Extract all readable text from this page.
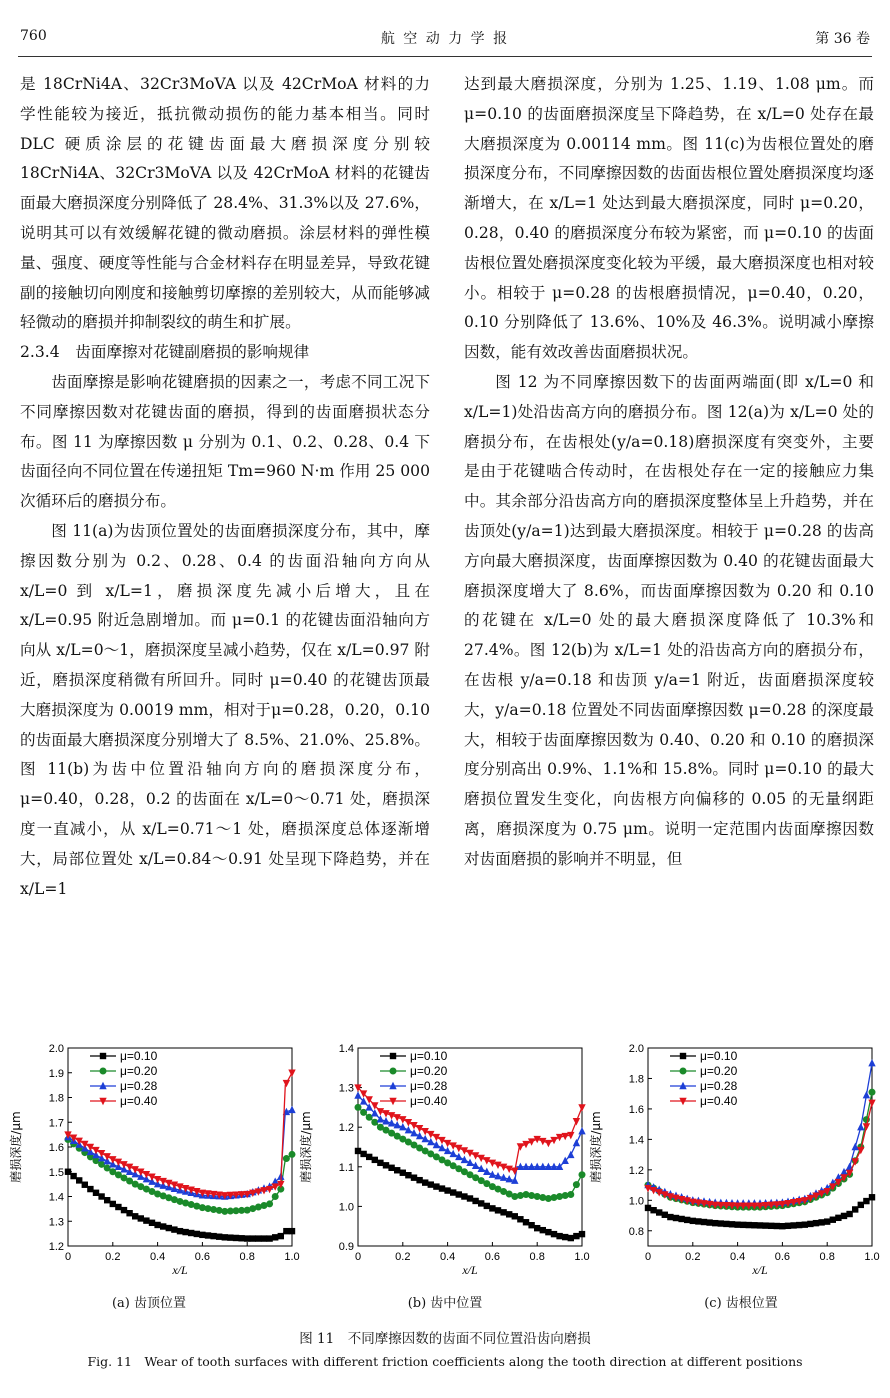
760	航 空 动 力 学 报	第 36 卷

是 18CrNi4A、32Cr3MoVA 以及 42CrMoA 材料的力学性能较为接近，抵抗微动损伤的能力基本相当。同时 DLC 硬质涂层的花键齿面最大磨损深度分别较 18CrNi4A、32Cr3MoVA 以及 42CrMoA 材料的花键齿面最大磨损深度分别降低了 28.4%、31.3%以及 27.6%，说明其可以有效缓解花键的微动磨损。涂层材料的弹性模量、强度、硬度等性能与合金材料存在明显差异，导致花键副的接触切向刚度和接触剪切摩擦的差别较大，从而能够减轻微动的磨损并抑制裂纹的萌生和扩展。

2.3.4　齿面摩擦对花键副磨损的影响规律

齿面摩擦是影响花键磨损的因素之一，考虑不同工况下不同摩擦因数对花键齿面的磨损，得到的齿面磨损状态分布。图 11 为摩擦因数 μ 分别为 0.1、0.2、0.28、0.4 下齿面径向不同位置在传递扭矩 Tm=960 N·m 作用 25 000 次循环后的磨损分布。

图 11(a)为齿顶位置处的齿面磨损深度分布，其中，摩擦因数分别为 0.2、0.28、0.4 的齿面沿轴向方向从 x/L=0 到 x/L=1，磨损深度先减小后增大，且在 x/L=0.95 附近急剧增加。而 μ=0.1 的花键齿面沿轴向方向从 x/L=0～1，磨损深度呈减小趋势，仅在 x/L=0.97 附近，磨损深度稍微有所回升。同时 μ=0.40 的花键齿顶最大磨损深度为 0.0019 mm，相对于μ=0.28，0.20，0.10 的齿面最大磨损深度分别增大了 8.5%、21.0%、25.8%。图 11(b)为齿中位置沿轴向方向的磨损深度分布，μ=0.40，0.28，0.2 的齿面在 x/L=0～0.71 处，磨损深度一直减小，从 x/L=0.71～1 处，磨损深度总体逐渐增大，局部位置处 x/L=0.84～0.91 处呈现下降趋势，并在 x/L=1

达到最大磨损深度，分别为 1.25、1.19、1.08 μm。而 μ=0.10 的齿面磨损深度呈下降趋势，在 x/L=0 处存在最大磨损深度为 0.00114 mm。图 11(c)为齿根位置处的磨损深度分布，不同摩擦因数的齿面齿根位置处磨损深度均逐渐增大，在 x/L=1 处达到最大磨损深度，同时 μ=0.20，0.28，0.40 的磨损深度分布较为紧密，而 μ=0.10 的齿面齿根位置处磨损深度变化较为平缓，最大磨损深度也相对较小。相较于 μ=0.28 的齿根磨损情况，μ=0.40，0.20，0.10 分别降低了 13.6%、10%及 46.3%。说明减小摩擦因数，能有效改善齿面磨损状况。

图 12 为不同摩擦因数下的齿面两端面(即 x/L=0 和 x/L=1)处沿齿高方向的磨损分布。图 12(a)为 x/L=0 处的磨损分布，在齿根处(y/a=0.18)磨损深度有突变外，主要是由于花键啮合传动时，在齿根处存在一定的接触应力集中。其余部分沿齿高方向的磨损深度整体呈上升趋势，并在齿顶处(y/a=1)达到最大磨损深度。相较于 μ=0.28 的齿高方向最大磨损深度，齿面摩擦因数为 0.40 的花键齿面最大磨损深度增大了 8.6%，而齿面摩擦因数为 0.20 和 0.10 的花键在 x/L=0 处的最大磨损深度降低了 10.3%和 27.4%。图 12(b)为 x/L=1 处的沿齿高方向的磨损分布，在齿根 y/a=0.18 和齿顶 y/a=1 附近，齿面磨损深度较大，y/a=0.18 位置处不同齿面摩擦因数 μ=0.28 的深度最大，相较于齿面摩擦因数为 0.40、0.20 和 0.10 的磨损深度分别高出 0.9%、1.1%和 15.8%。同时 μ=0.10 的最大磨损位置发生变化，向齿根方向偏移的 0.05 的无量纲距离，磨损深度为 0.75 μm。说明一定范围内齿面摩擦因数对齿面磨损的影响并不明显，但

0	0.2	0.4	0.6	0.8	1.0
1.2
1.3
1.4
1.5
1.6
1.7
1.8
1.9
2.0
x/L
磨损深度/μm
μ=0.10
μ=0.20
μ=0.28
μ=0.40
0	0.2	0.4	0.6	0.8	1.0
0.9
1.0
1.1
1.2
1.3
1.4
x/L
磨损深度/μm
μ=0.10
μ=0.20
μ=0.28
μ=0.40
0	0.2	0.4	0.6	0.8	1.0
0.8
1.0
1.2
1.4
1.6
1.8
2.0
x/L
磨损深度/μm
μ=0.10
μ=0.20
μ=0.28
μ=0.40
(a) 齿顶位置	(b) 齿中位置	(c) 齿根位置
图 11　不同摩擦因数的齿面不同位置沿齿向磨损
Fig. 11　Wear of tooth surfaces with different friction coefficients along the tooth direction at different positions
